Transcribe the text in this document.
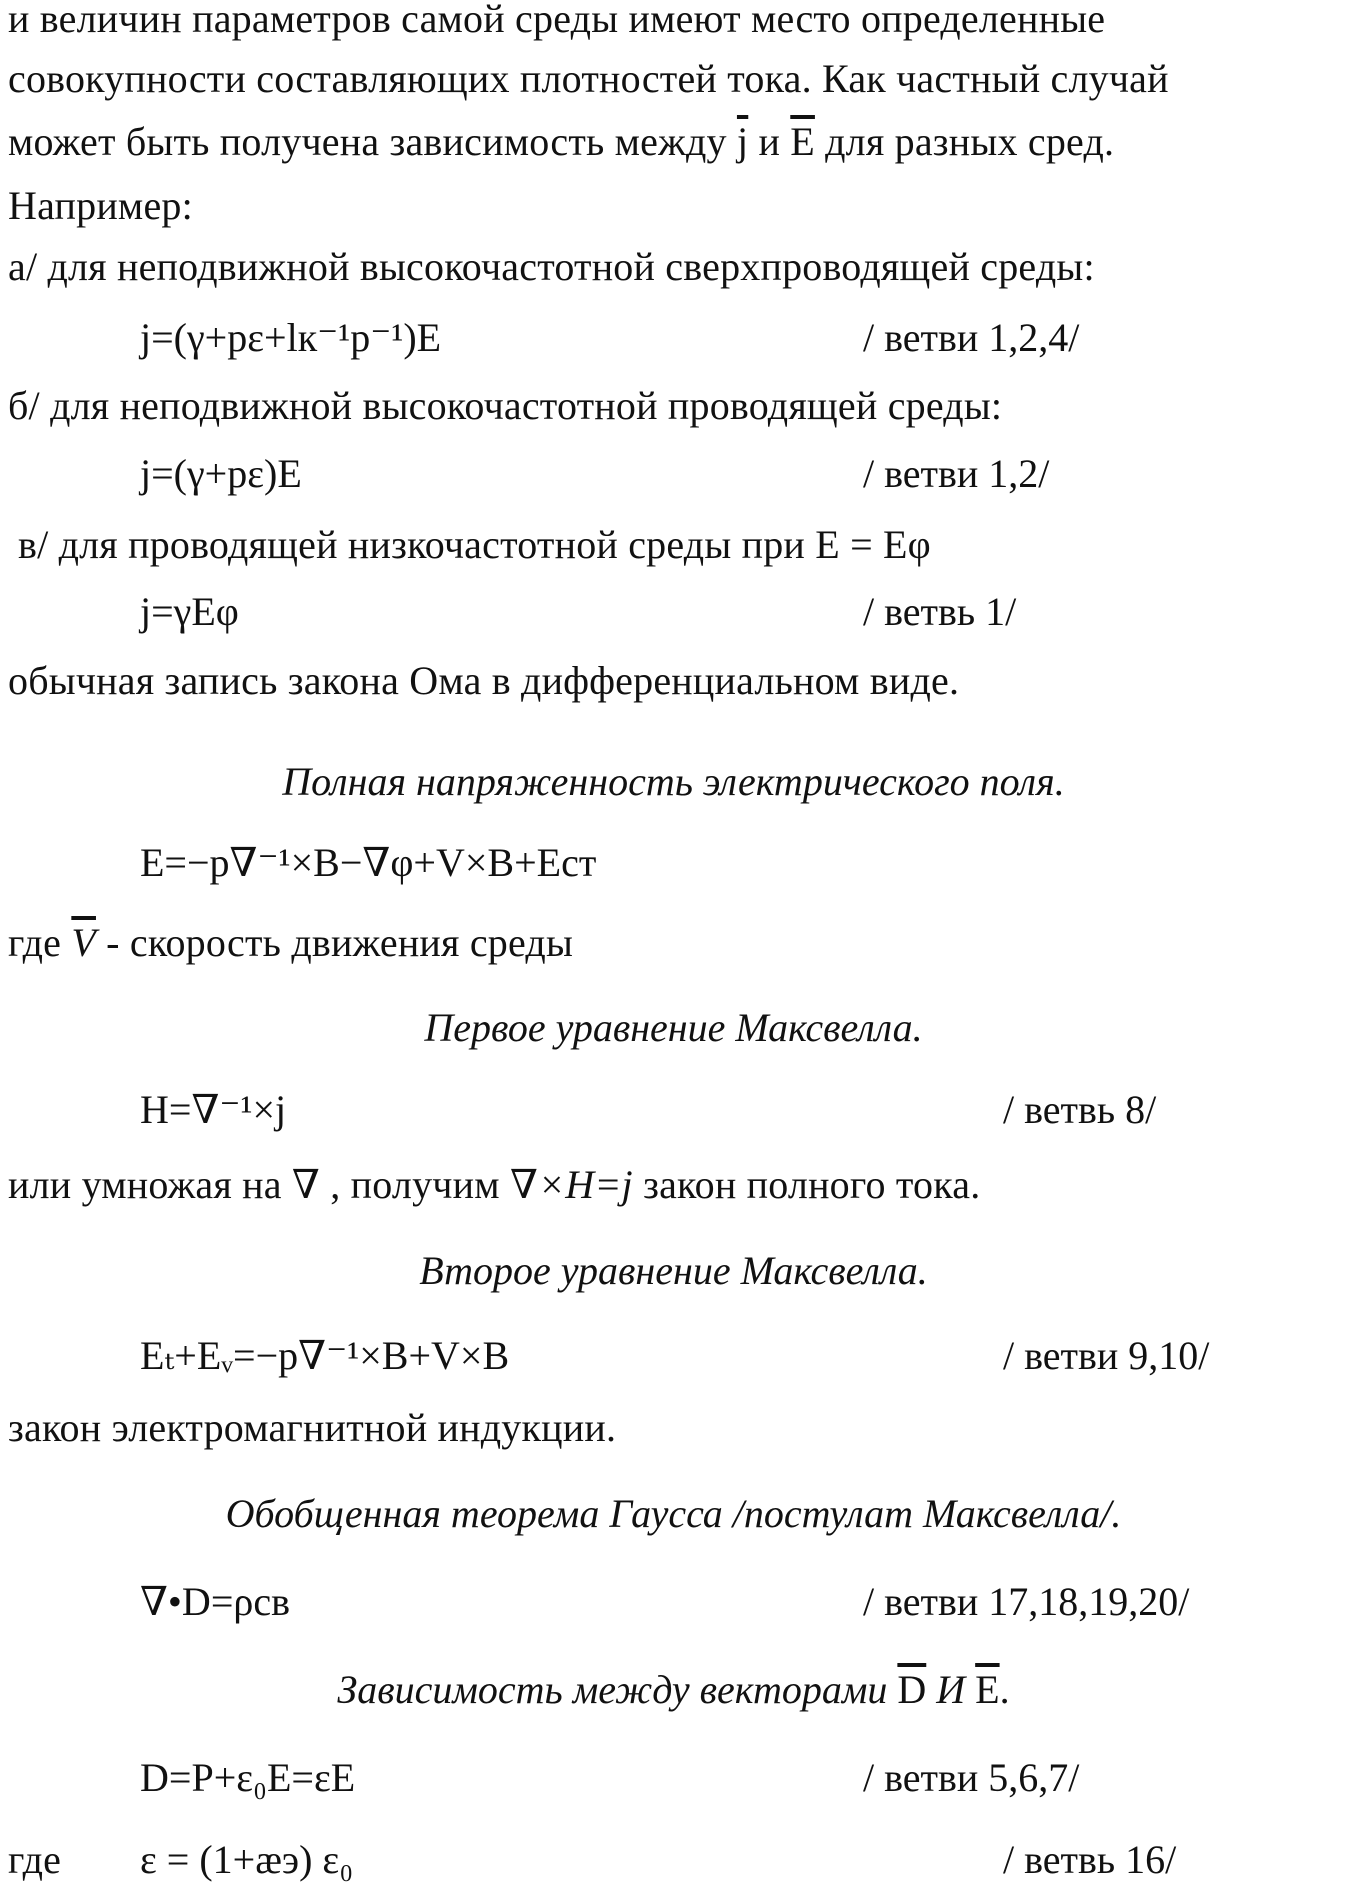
и величин параметров самой среды имеют место определенные
совокупности составляющих плотностей тока. Как частный случай
может быть получена зависимость между $\overline{j}$ и $\overline{E}$ для разных сред.
Например:
а/ для неподвижной высокочастотной сверхпроводящей среды:
j=(γ+pε+lк⁻¹p⁻¹)E	/ ветви 1,2,4/
б/ для неподвижной высокочастотной проводящей среды:
j=(γ+pε)E	/ ветви 1,2/
в/ для проводящей низкочастотной среды при E = Eφ
j=γEφ	/ ветвь 1/
обычная запись закона Ома в дифференциальном виде.
Полная напряженность электрического поля.
E=−p∇⁻¹×B−∇φ+V×B+Eст
где $\overline{V}$ - скорость движения среды
Первое уравнение Максвелла.
H=∇⁻¹×j	/ ветвь 8/
или умножая на ∇ , получим ∇×H=j закон полного тока.
Второе уравнение Максвелла.
Eₜ+Eᵥ=−p∇⁻¹×B+V×B	/ ветви 9,10/
закон электромагнитной индукции.
Обобщенная теорема Гаусса /постулат Максвелла/.
∇•D=ρсв	/ ветви 17,18,19,20/
Зависимость между векторами $\overline{D}$ И $\overline{E}$.
D=P+ε₀E=εE	/ ветви 5,6,7/
где ε = (1+æэ) ε₀	/ ветвь 16/
